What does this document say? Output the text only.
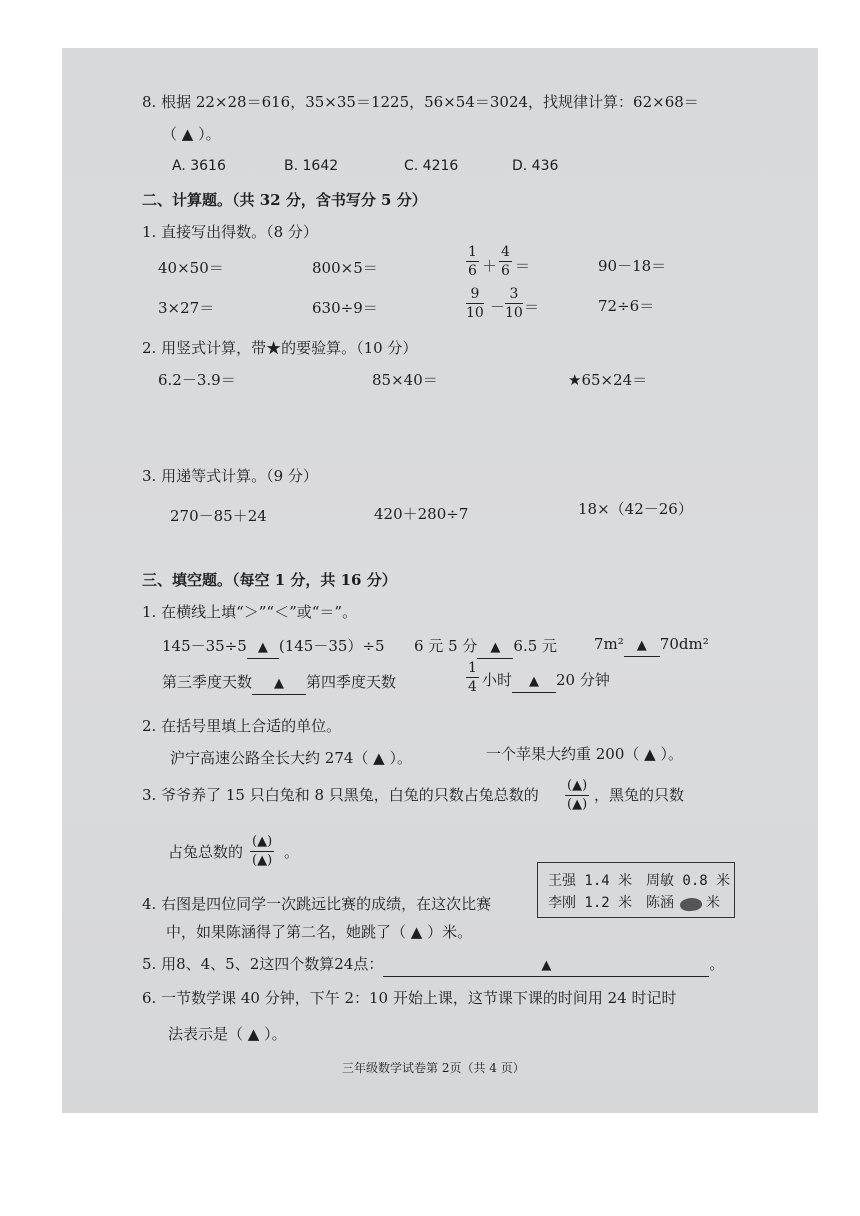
8. 根据 22×28＝616，35×35＝1225，56×54＝3024，找规律计算：62×68＝
（ ▲ ）。
A. 3616	B. 1642	C. 4216	D. 436
二、计算题。（共 32 分，含书写分 5 分）
1. 直接写出得数。（8 分）
40×50＝	800×5＝
1
6 ＋
4
6 ＝	90－18＝
3×27＝	630÷9＝
9
10 －
3
10 ＝	72÷6＝
2. 用竖式计算，带★的要验算。（10 分）
6.2－3.9＝	85×40＝	★65×24＝
3. 用递等式计算。（9 分）
270－85＋24	420＋280÷7	18×（42－26）
三、填空题。（每空 1 分，共 16 分）
1. 在横线上填“＞”“＜”或“＝”。
145－35÷5 ▲ (145－35）÷5 6 元 5 分 ▲ 6.5 元 7m² ▲ 70dm²
第三季度天数 ▲ 第四季度天数
1
4 小时 ▲ 20 分钟
2. 在括号里填上合适的单位。
沪宁高速公路全长大约 274（ ▲ ）。	一个苹果大约重 200（ ▲ ）。
3. 爷爷养了 15 只白兔和 8 只黑兔，白兔的只数占兔总数的
(▲)
(▲)
，黑兔的只数
占兔总数的
(▲)
(▲) 。
4. 右图是四位同学一次跳远比赛的成绩，在这次比赛
中，如果陈涵得了第二名，她跳了（ ▲ ）米。
5. 用8、4、5、2这四个数算24点：	▲	。
6. 一节数学课 40 分钟，下午 2：10 开始上课，这节课下课的时间用 24 时记时
法表示是（ ▲ ）。
三年级数学试卷第 2页（共 4 页）
王强 1.4 米 周敏 0.8 米
李刚 1.2 米 陈涵 米
